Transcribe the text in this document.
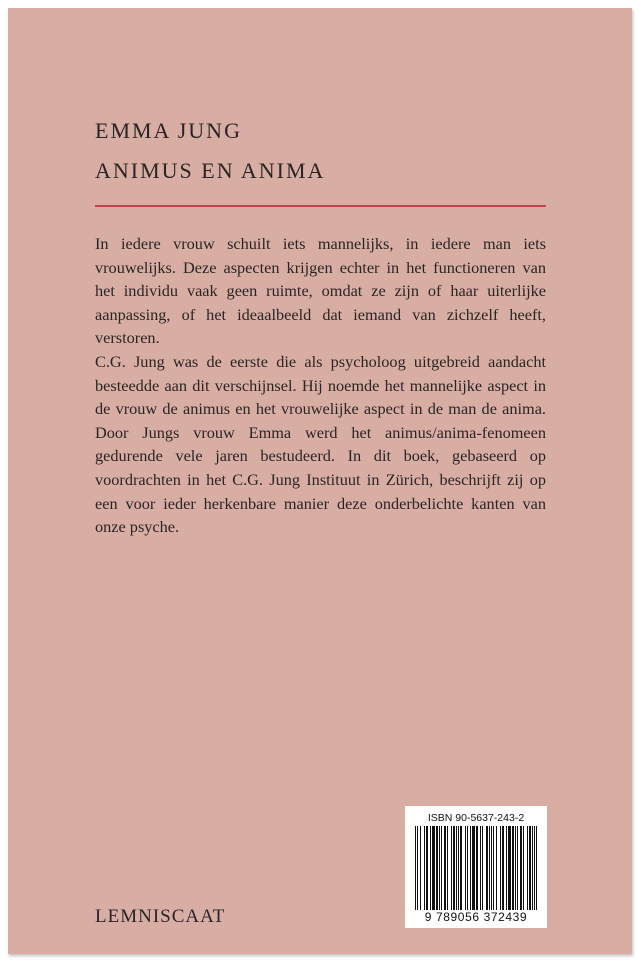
EMMA JUNG
ANIMUS EN ANIMA

In iedere vrouw schuilt iets mannelijks, in iedere man iets vrouwelijks. Deze aspecten krijgen echter in het functioneren van het individu vaak geen ruimte, omdat ze zijn of haar uiterlijke aanpassing, of het ideaalbeeld dat iemand van zichzelf heeft, verstoren.

C.G. Jung was de eerste die als psycholoog uitgebreid aandacht besteedde aan dit verschijnsel. Hij noemde het mannelijke aspect in de vrouw de animus en het vrouwelijke aspect in de man de anima. Door Jungs vrouw Emma werd het animus/anima-fenomeen gedurende vele jaren bestudeerd. In dit boek, gebaseerd op voordrachten in het C.G. Jung Instituut in Zürich, beschrijft zij op een voor ieder herkenbare manier deze onderbelichte kanten van onze psyche.

LEMNISCAAT
ISBN 90-5637-243-2
9 789056 372439
